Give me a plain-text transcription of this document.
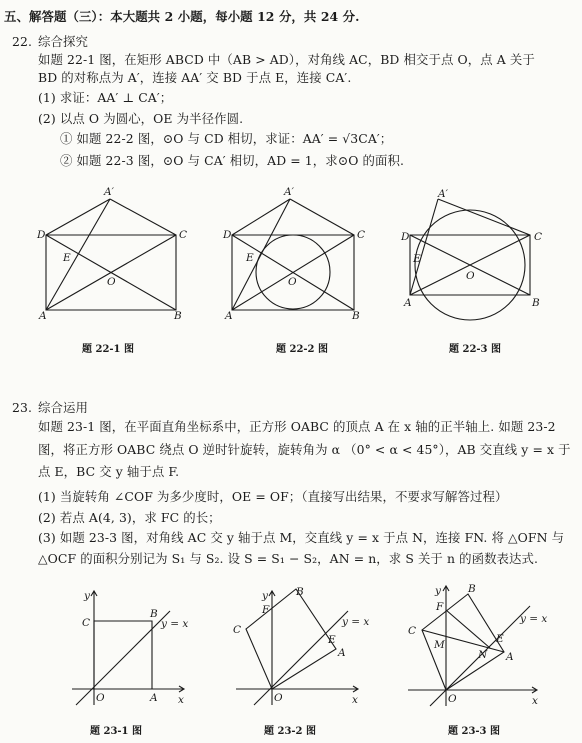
五、解答题（三）：本大题共 2 小题，每小题 12 分，共 24 分.
22. 综合探究
如题 22-1 图，在矩形 ABCD 中（AB > AD），对角线 AC，BD 相交于点 O，点 A 关于
BD 的对称点为 A′，连接 AA′ 交 BD 于点 E，连接 CA′.
(1) 求证：AA′ ⊥ CA′；
(2) 以点 O 为圆心，OE 为半径作圆.
① 如题 22-2 图，⊙O 与 CD 相切，求证：AA′ = √3CA′；
② 如题 22-3 图，⊙O 与 CA′ 相切，AD = 1，求⊙O 的面积.
A′
D	C
E
O
A	B
题 22-1 图
A′
D	C
E
O
A	B
题 22-2 图
A′
D	C
E
O
A	B
题 22-3 图
23. 综合运用
如题 23-1 图，在平面直角坐标系中，正方形 OABC 的顶点 A 在 x 轴的正半轴上. 如题 23-2
图，将正方形 OABC 绕点 O 逆时针旋转，旋转角为 α （0° < α < 45°），AB 交直线 y = x 于
点 E，BC 交 y 轴于点 F.
(1) 当旋转角 ∠COF 为多少度时，OE = OF；（直接写出结果，不要求写解答过程）
(2) 若点 A(4, 3)，求 FC 的长；
(3) 如题 23-3 图，对角线 AC 交 y 轴于点 M，交直线 y = x 于点 N，连接 FN. 将 △OFN 与
△OCF 的面积分别记为 S₁ 与 S₂. 设 S = S₁ − S₂，AN = n，求 S 关于 n 的函数表达式.
y
x
C
B
y = x
O	A
题 23-1 图
y
x
F
B
C
y = x
E
A
O
题 23-2 图
y
x
F
B
C
y = x
E
M
N A
O
题 23-3 图
